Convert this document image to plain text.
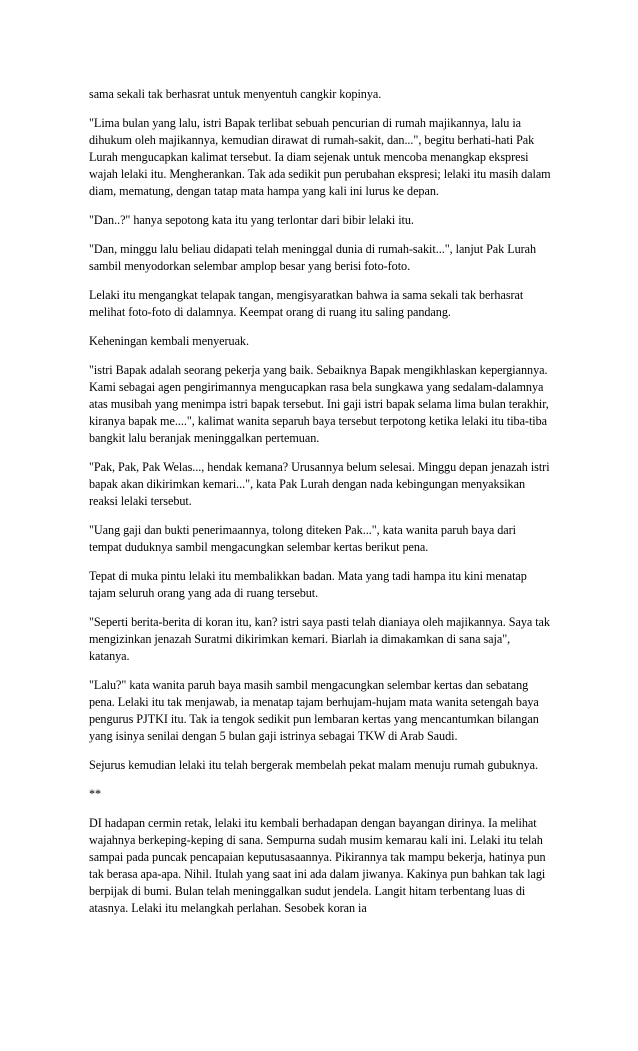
sama sekali tak berhasrat untuk menyentuh cangkir kopinya.

"Lima bulan yang lalu, istri Bapak terlibat sebuah pencurian di rumah majikannya, lalu ia dihukum oleh majikannya, kemudian dirawat di rumah-sakit, dan...", begitu berhati-hati Pak Lurah mengucapkan kalimat tersebut. Ia diam sejenak untuk mencoba menangkap ekspresi wajah lelaki itu. Mengherankan. Tak ada sedikit pun perubahan ekspresi; lelaki itu masih dalam diam, mematung, dengan tatap mata hampa yang kali ini lurus ke depan.

"Dan..?" hanya sepotong kata itu yang terlontar dari bibir lelaki itu.

"Dan, minggu lalu beliau didapati telah meninggal dunia di rumah-sakit...", lanjut Pak Lurah sambil menyodorkan selembar amplop besar yang berisi foto-foto.

Lelaki itu mengangkat telapak tangan, mengisyaratkan bahwa ia sama sekali tak berhasrat melihat foto-foto di dalamnya. Keempat orang di ruang itu saling pandang.

Keheningan kembali menyeruak.

"istri Bapak adalah seorang pekerja yang baik. Sebaiknya Bapak mengikhlaskan kepergiannya. Kami sebagai agen pengirimannya mengucapkan rasa bela sungkawa yang sedalam-dalamnya atas musibah yang menimpa istri bapak tersebut. Ini gaji istri bapak selama lima bulan terakhir, kiranya bapak me....", kalimat wanita separuh baya tersebut terpotong ketika lelaki itu tiba-tiba bangkit lalu beranjak meninggalkan pertemuan.

"Pak, Pak, Pak Welas..., hendak kemana? Urusannya belum selesai. Minggu depan jenazah istri bapak akan dikirimkan kemari...", kata Pak Lurah dengan nada kebingungan menyaksikan reaksi lelaki tersebut.

"Uang gaji dan bukti penerimaannya, tolong diteken Pak...", kata wanita paruh baya dari tempat duduknya sambil mengacungkan selembar kertas berikut pena.

Tepat di muka pintu lelaki itu membalikkan badan. Mata yang tadi hampa itu kini menatap tajam seluruh orang yang ada di ruang tersebut.

"Seperti berita-berita di koran itu, kan? istri saya pasti telah dianiaya oleh majikannya. Saya tak mengizinkan jenazah Suratmi dikirimkan kemari. Biarlah ia dimakamkan di sana saja", katanya.

"Lalu?" kata wanita paruh baya masih sambil mengacungkan selembar kertas dan sebatang pena. Lelaki itu tak menjawab, ia menatap tajam berhujam-hujam mata wanita setengah baya pengurus PJTKI itu. Tak ia tengok sedikit pun lembaran kertas yang mencantumkan bilangan yang isinya senilai dengan 5 bulan gaji istrinya sebagai TKW di Arab Saudi.

Sejurus kemudian lelaki itu telah bergerak membelah pekat malam menuju rumah gubuknya.

**

DI hadapan cermin retak, lelaki itu kembali berhadapan dengan bayangan dirinya. Ia melihat wajahnya berkeping-keping di sana. Sempurna sudah musim kemarau kali ini. Lelaki itu telah sampai pada puncak pencapaian keputusasaannya. Pikirannya tak mampu bekerja, hatinya pun tak berasa apa-apa. Nihil. Itulah yang saat ini ada dalam jiwanya. Kakinya pun bahkan tak lagi berpijak di bumi. Bulan telah meninggalkan sudut jendela. Langit hitam terbentang luas di atasnya. Lelaki itu melangkah perlahan. Sesobek koran ia
